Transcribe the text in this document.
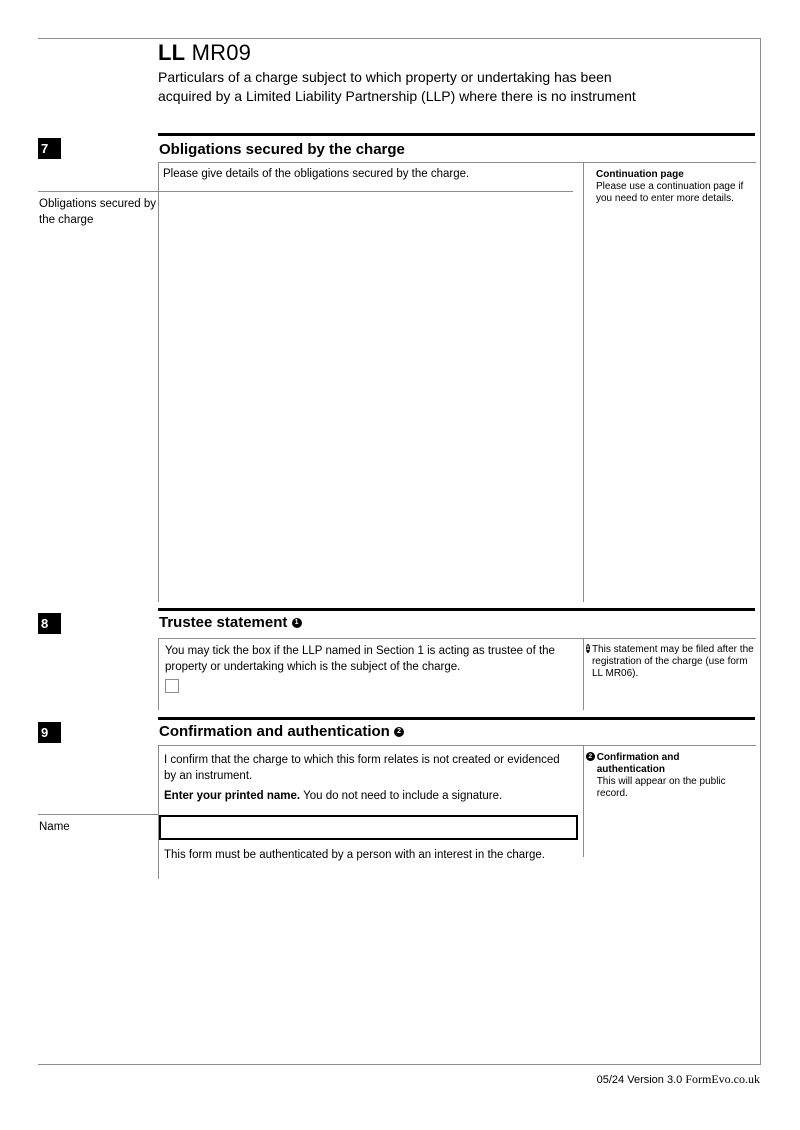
LL MR09
Particulars of a charge subject to which property or undertaking has been
acquired by a Limited Liability Partnership (LLP) where there is no instrument
7	Obligations secured by the charge
Please give details of the obligations secured by the charge.
Obligations secured by the charge
Continuation page
Please use a continuation page if you need to enter more details.
8	Trustee statement 1
You may tick the box if the LLP named in Section 1 is acting as trustee of the
property or undertaking which is the subject of the charge.
1 This statement may be filed after the registration of the charge (use form LL MR06).
9	Confirmation and authentication 2
I confirm that the charge to which this form relates is not created or evidenced
by an instrument.
Enter your printed name. You do not need to include a signature.
Name
This form must be authenticated by a person with an interest in the charge.
2 Confirmation and
authentication
This will appear on the public record.
05/24 Version 3.0 FormEvo.co.uk
